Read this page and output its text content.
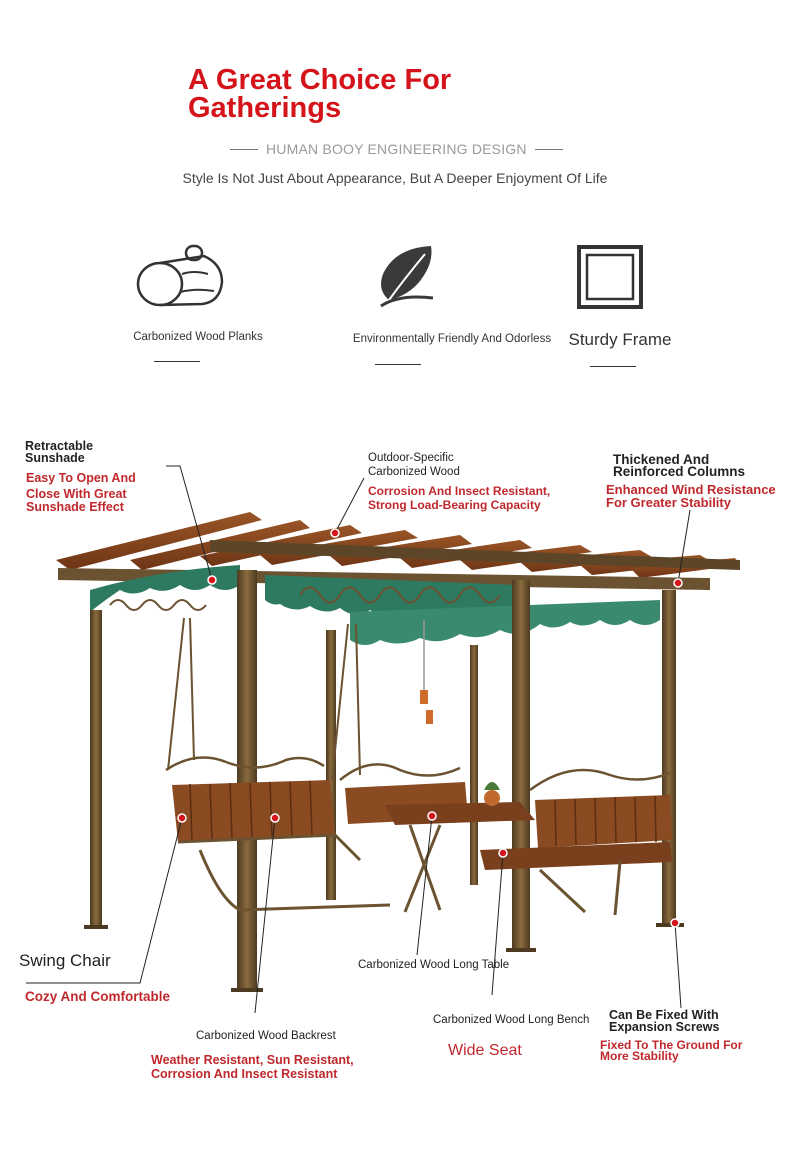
A Great Choice For
Gatherings
HUMAN BOOY ENGINEERING DESIGN
Style Is Not Just About Appearance, But A Deeper Enjoyment Of Life
Carbonized Wood Planks	Environmentally Friendly And Odorless	Sturdy Frame
Retractable
Sunshade
Easy To Open And
Close With Great
Sunshade Effect
Outdoor-Specific
Carbonized Wood
Corrosion And Insect Resistant,
Strong Load-Bearing Capacity
Thickened And
Reinforced Columns
Enhanced Wind Resistance
For Greater Stability
Swing Chair
Cozy And Comfortable
Carbonized Wood Long Table
Carbonized Wood Backrest
Weather Resistant, Sun Resistant,
Corrosion And Insect Resistant
Carbonized Wood Long Bench
Wide Seat
Can Be Fixed With
Expansion Screws
Fixed To The Ground For
More Stability
